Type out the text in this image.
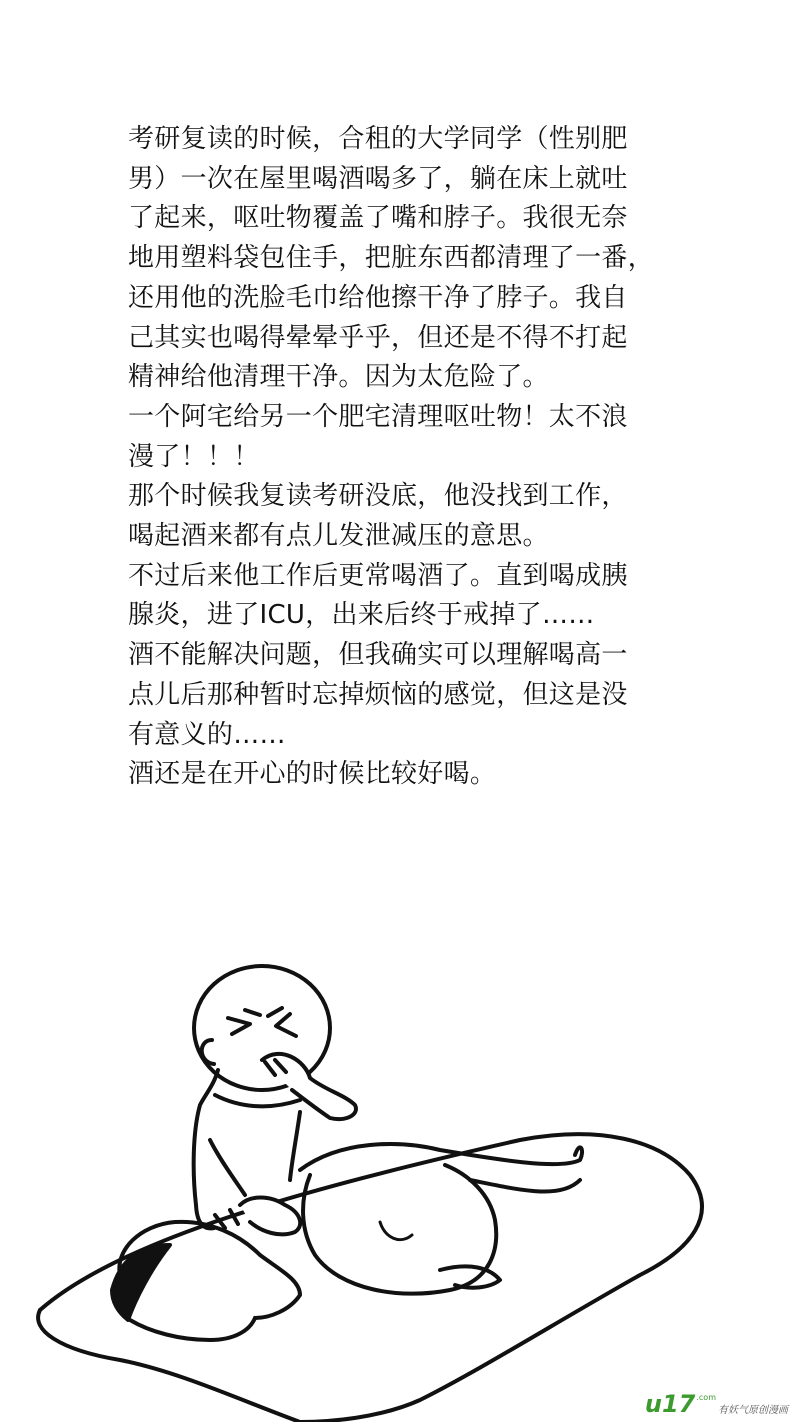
考研复读的时候，合租的大学同学（性别肥
男）一次在屋里喝酒喝多了，躺在床上就吐
了起来，呕吐物覆盖了嘴和脖子。我很无奈
地用塑料袋包住手，把脏东西都清理了一番，
还用他的洗脸毛巾给他擦干净了脖子。我自
己其实也喝得晕晕乎乎，但还是不得不打起
精神给他清理干净。因为太危险了。
一个阿宅给另一个肥宅清理呕吐物！太不浪
漫了！！！
那个时候我复读考研没底，他没找到工作，
喝起酒来都有点儿发泄减压的意思。
不过后来他工作后更常喝酒了。直到喝成胰
腺炎，进了ICU，出来后终于戒掉了……
酒不能解决问题，但我确实可以理解喝高一
点儿后那种暂时忘掉烦恼的感觉，但这是没
有意义的……
酒还是在开心的时候比较好喝。
u17 .com
有妖气原创漫画
